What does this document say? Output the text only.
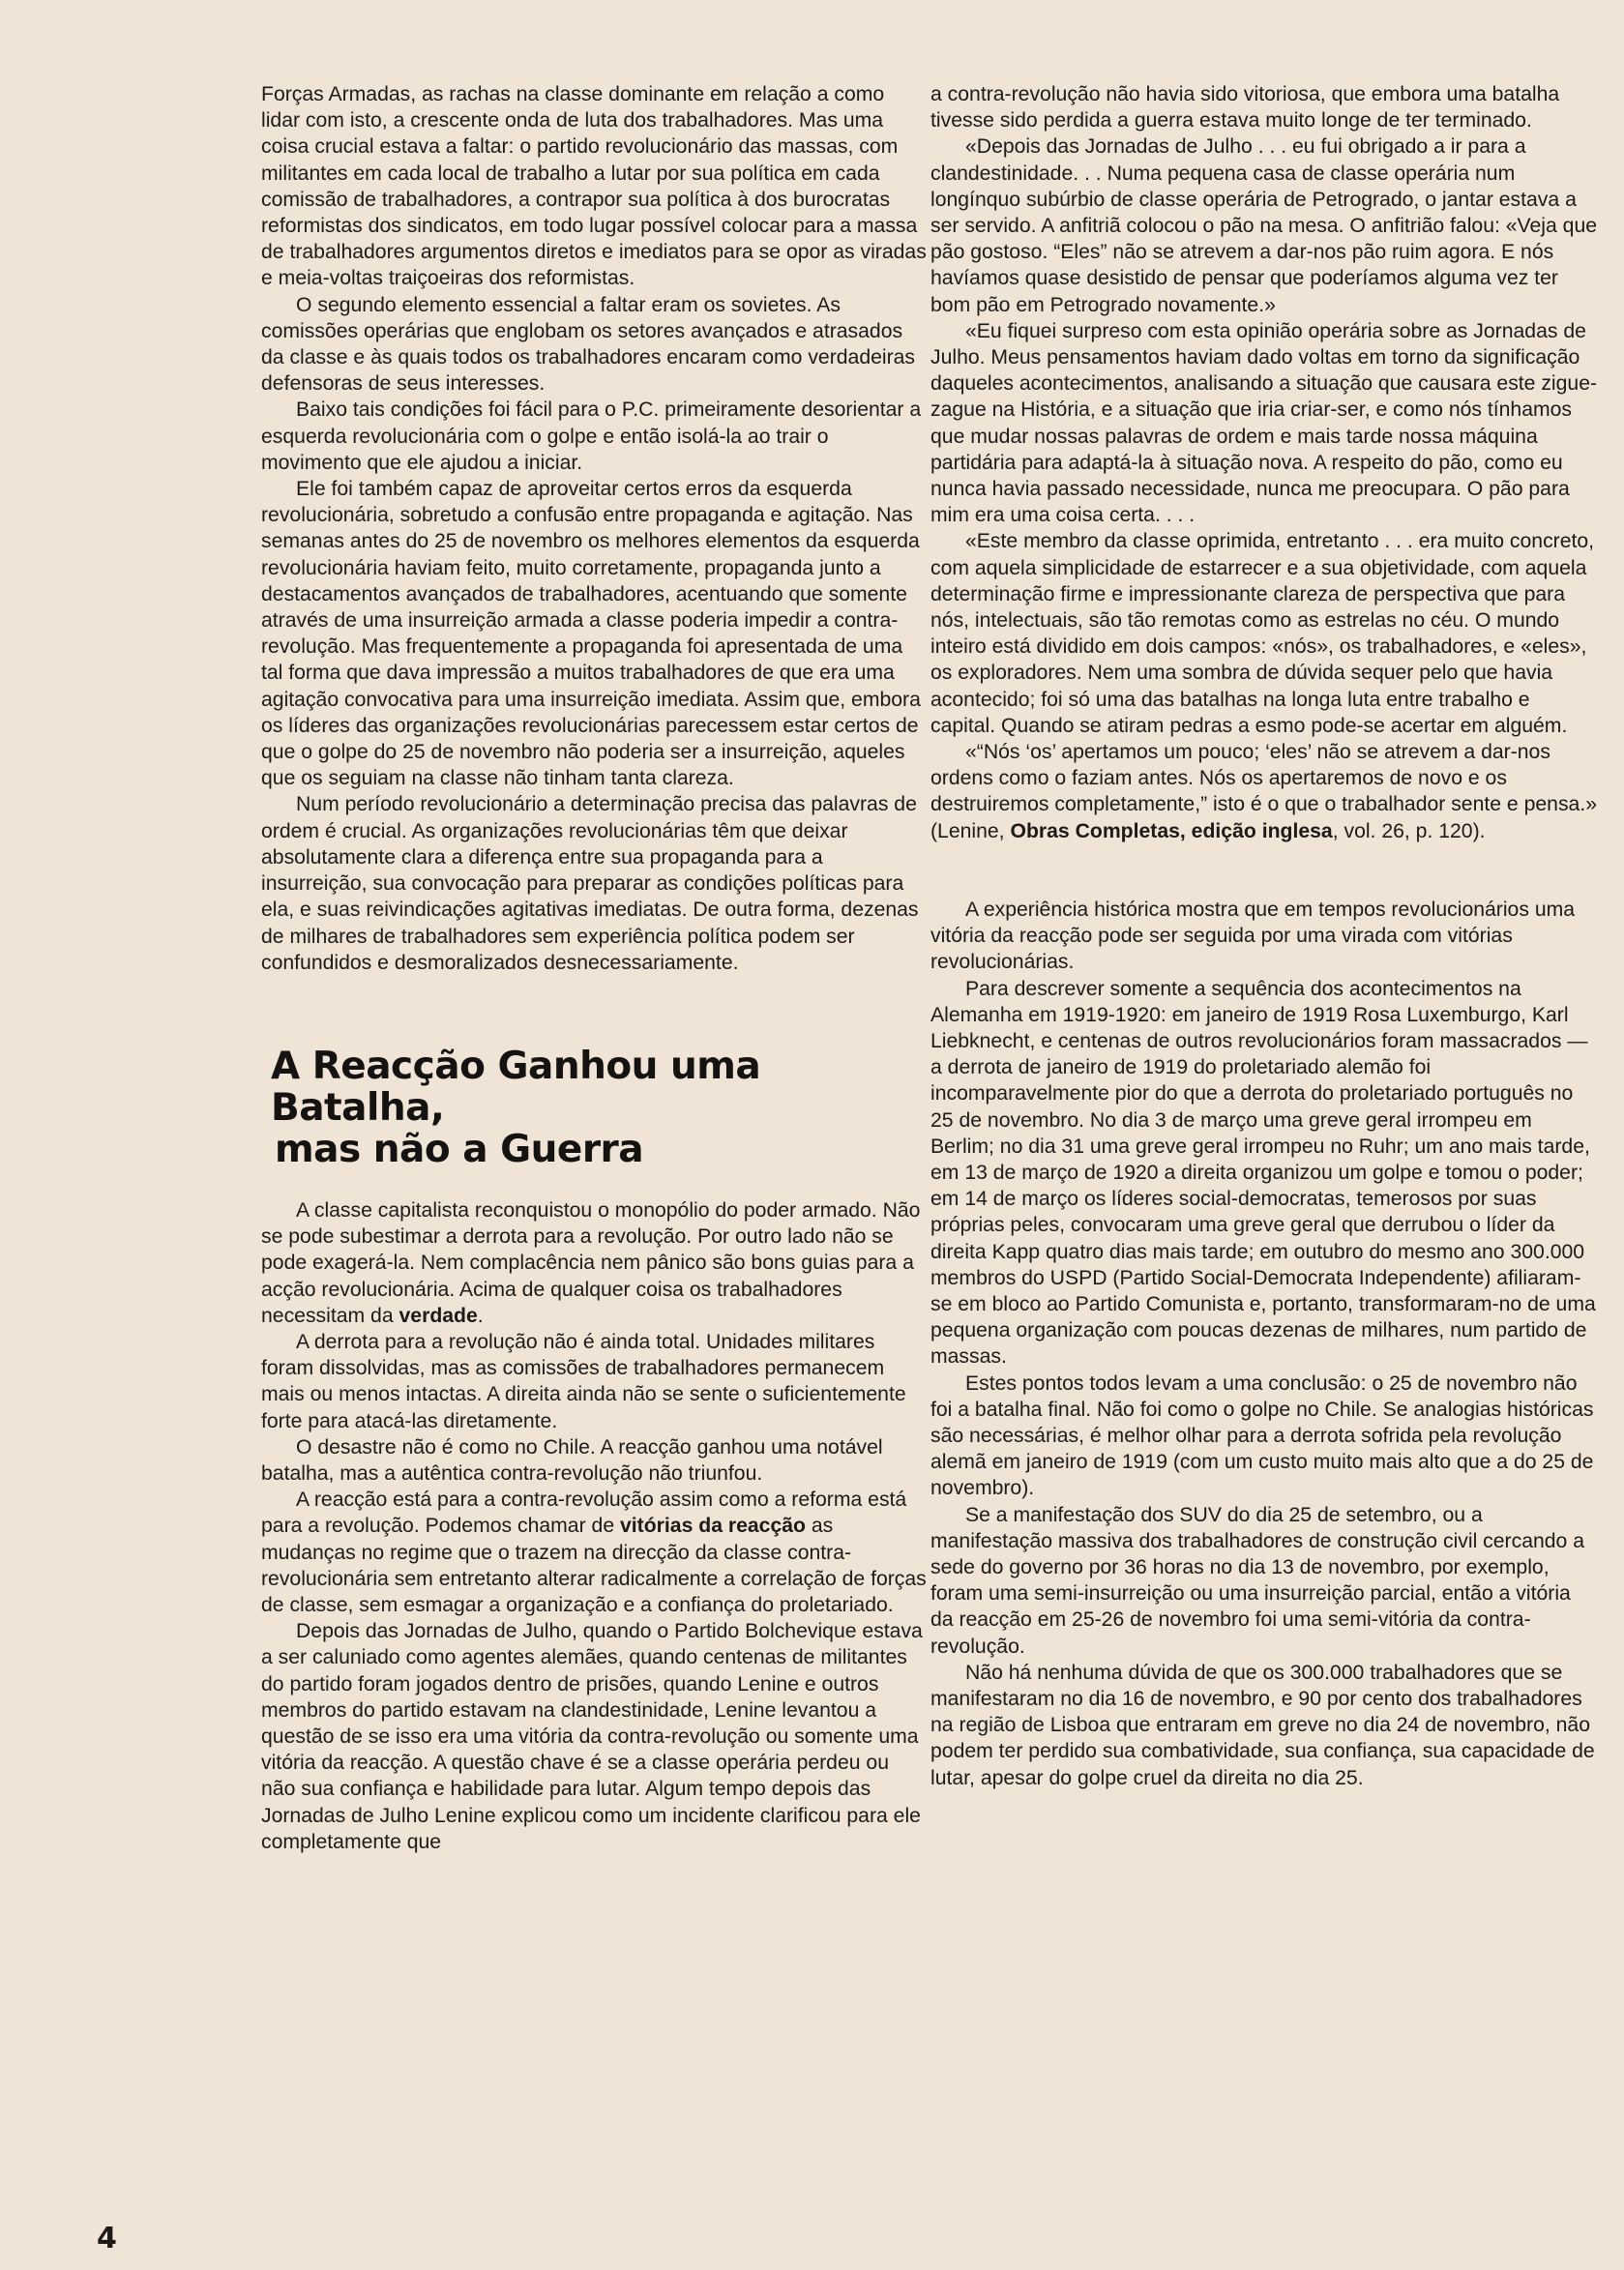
Forças Armadas, as rachas na classe dominante em relação a como lidar com isto, a crescente onda de luta dos trabalhadores. Mas uma coisa crucial estava a faltar: o partido revolucionário das massas, com militantes em cada local de trabalho a lutar por sua política em cada comissão de trabalhadores, a contrapor sua política à dos burocratas reformistas dos sindicatos, em todo lugar possível colocar para a massa de trabalhadores argumentos diretos e imediatos para se opor as viradas e meia-voltas traiçoeiras dos reformistas.

O segundo elemento essencial a faltar eram os sovietes. As comissões operárias que englobam os setores avançados e atrasados da classe e às quais todos os trabalhadores encaram como verdadeiras defensoras de seus interesses.

Baixo tais condições foi fácil para o P.C. primeiramente desorientar a esquerda revolucionária com o golpe e então isolá-la ao trair o movimento que ele ajudou a iniciar.

Ele foi também capaz de aproveitar certos erros da esquerda revolucionária, sobretudo a confusão entre propaganda e agitação. Nas semanas antes do 25 de novembro os melhores elementos da esquerda revolucionária haviam feito, muito corretamente, propaganda junto a destacamentos avançados de trabalhadores, acentuando que somente através de uma insurreição armada a classe poderia impedir a contra-revolução. Mas frequentemente a propaganda foi apresentada de uma tal forma que dava impressão a muitos trabalhadores de que era uma agitação convocativa para uma insurreição imediata. Assim que, embora os líderes das organizações revolucionárias parecessem estar certos de que o golpe do 25 de novembro não poderia ser a insurreição, aqueles que os seguiam na classe não tinham tanta clareza.

Num período revolucionário a determinação precisa das palavras de ordem é crucial. As organizações revolucionárias têm que deixar absolutamente clara a diferença entre sua propaganda para a insurreição, sua convocação para preparar as condições políticas para ela, e suas reivindicações agitativas imediatas. De outra forma, dezenas de milhares de trabalhadores sem experiência política podem ser confundidos e desmoralizados desnecessariamente.

A Reacção Ganhou uma Batalha,
mas não a Guerra

A classe capitalista reconquistou o monopólio do poder armado. Não se pode subestimar a derrota para a revolução. Por outro lado não se pode exagerá-la. Nem complacência nem pânico são bons guias para a acção revolucionária. Acima de qualquer coisa os trabalhadores necessitam da verdade.

A derrota para a revolução não é ainda total. Unidades militares foram dissolvidas, mas as comissões de trabalhadores permanecem mais ou menos intactas. A direita ainda não se sente o suficientemente forte para atacá-las diretamente.

O desastre não é como no Chile. A reacção ganhou uma notável batalha, mas a autêntica contra-revolução não triunfou.

A reacção está para a contra-revolução assim como a reforma está para a revolução. Podemos chamar de vitórias da reacção as mudanças no regime que o trazem na direcção da classe contra-revolucionária sem entretanto alterar radicalmente a correlação de forças de classe, sem esmagar a organização e a confiança do proletariado.

Depois das Jornadas de Julho, quando o Partido Bolchevique estava a ser caluniado como agentes alemães, quando centenas de militantes do partido foram jogados dentro de prisões, quando Lenine e outros membros do partido estavam na clandestinidade, Lenine levantou a questão de se isso era uma vitória da contra-revolução ou somente uma vitória da reacção. A questão chave é se a classe operária perdeu ou não sua confiança e habilidade para lutar. Algum tempo depois das Jornadas de Julho Lenine explicou como um incidente clarificou para ele completamente que

a contra-revolução não havia sido vitoriosa, que embora uma batalha tivesse sido perdida a guerra estava muito longe de ter terminado.

«Depois das Jornadas de Julho . . . eu fui obrigado a ir para a clandestinidade. . . Numa pequena casa de classe operária num longínquo subúrbio de classe operária de Petrogrado, o jantar estava a ser servido. A anfitriã colocou o pão na mesa. O anfitrião falou: «Veja que pão gostoso. “Eles” não se atrevem a dar-nos pão ruim agora. E nós havíamos quase desistido de pensar que poderíamos alguma vez ter bom pão em Petrogrado novamente.»

«Eu fiquei surpreso com esta opinião operária sobre as Jornadas de Julho. Meus pensamentos haviam dado voltas em torno da significação daqueles acontecimentos, analisando a situação que causara este zigue-zague na História, e a situação que iria criar-ser, e como nós tínhamos que mudar nossas palavras de ordem e mais tarde nossa máquina partidária para adaptá-la à situação nova. A respeito do pão, como eu nunca havia passado necessidade, nunca me preocupara. O pão para mim era uma coisa certa. . . .

«Este membro da classe oprimida, entretanto . . . era muito concreto, com aquela simplicidade de estarrecer e a sua objetividade, com aquela determinação firme e impressionante clareza de perspectiva que para nós, intelectuais, são tão remotas como as estrelas no céu. O mundo inteiro está dividido em dois campos: «nós», os trabalhadores, e «eles», os exploradores. Nem uma sombra de dúvida sequer pelo que havia acontecido; foi só uma das batalhas na longa luta entre trabalho e capital. Quando se atiram pedras a esmo pode-se acertar em alguém.

«“Nós ‘os’ apertamos um pouco; ‘eles’ não se atrevem a dar-nos ordens como o faziam antes. Nós os apertaremos de novo e os destruiremos completamente,” isto é o que o trabalhador sente e pensa.» (Lenine, Obras Completas, edição inglesa, vol. 26, p. 120).

A experiência histórica mostra que em tempos revolucionários uma vitória da reacção pode ser seguida por uma virada com vitórias revolucionárias.

Para descrever somente a sequência dos acontecimentos na Alemanha em 1919-1920: em janeiro de 1919 Rosa Luxemburgo, Karl Liebknecht, e centenas de outros revolucionários foram massacrados — a derrota de janeiro de 1919 do proletariado alemão foi incomparavelmente pior do que a derrota do proletariado português no 25 de novembro. No dia 3 de março uma greve geral irrompeu em Berlim; no dia 31 uma greve geral irrompeu no Ruhr; um ano mais tarde, em 13 de março de 1920 a direita organizou um golpe e tomou o poder; em 14 de março os líderes social-democratas, temerosos por suas próprias peles, convocaram uma greve geral que derrubou o líder da direita Kapp quatro dias mais tarde; em outubro do mesmo ano 300.000 membros do USPD (Partido Social-Democrata Independente) afiliaram-se em bloco ao Partido Comunista e, portanto, transformaram-no de uma pequena organização com poucas dezenas de milhares, num partido de massas.

Estes pontos todos levam a uma conclusão: o 25 de novembro não foi a batalha final. Não foi como o golpe no Chile. Se analogias históricas são necessárias, é melhor olhar para a derrota sofrida pela revolução alemã em janeiro de 1919 (com um custo muito mais alto que a do 25 de novembro).

Se a manifestação dos SUV do dia 25 de setembro, ou a manifestação massiva dos trabalhadores de construção civil cercando a sede do governo por 36 horas no dia 13 de novembro, por exemplo, foram uma semi-insurreição ou uma insurreição parcial, então a vitória da reacção em 25-26 de novembro foi uma semi-vitória da contra-revolução.

Não há nenhuma dúvida de que os 300.000 trabalhadores que se manifestaram no dia 16 de novembro, e 90 por cento dos trabalhadores na região de Lisboa que entraram em greve no dia 24 de novembro, não podem ter perdido sua combatividade, sua confiança, sua capacidade de lutar, apesar do golpe cruel da direita no dia 25.

4
